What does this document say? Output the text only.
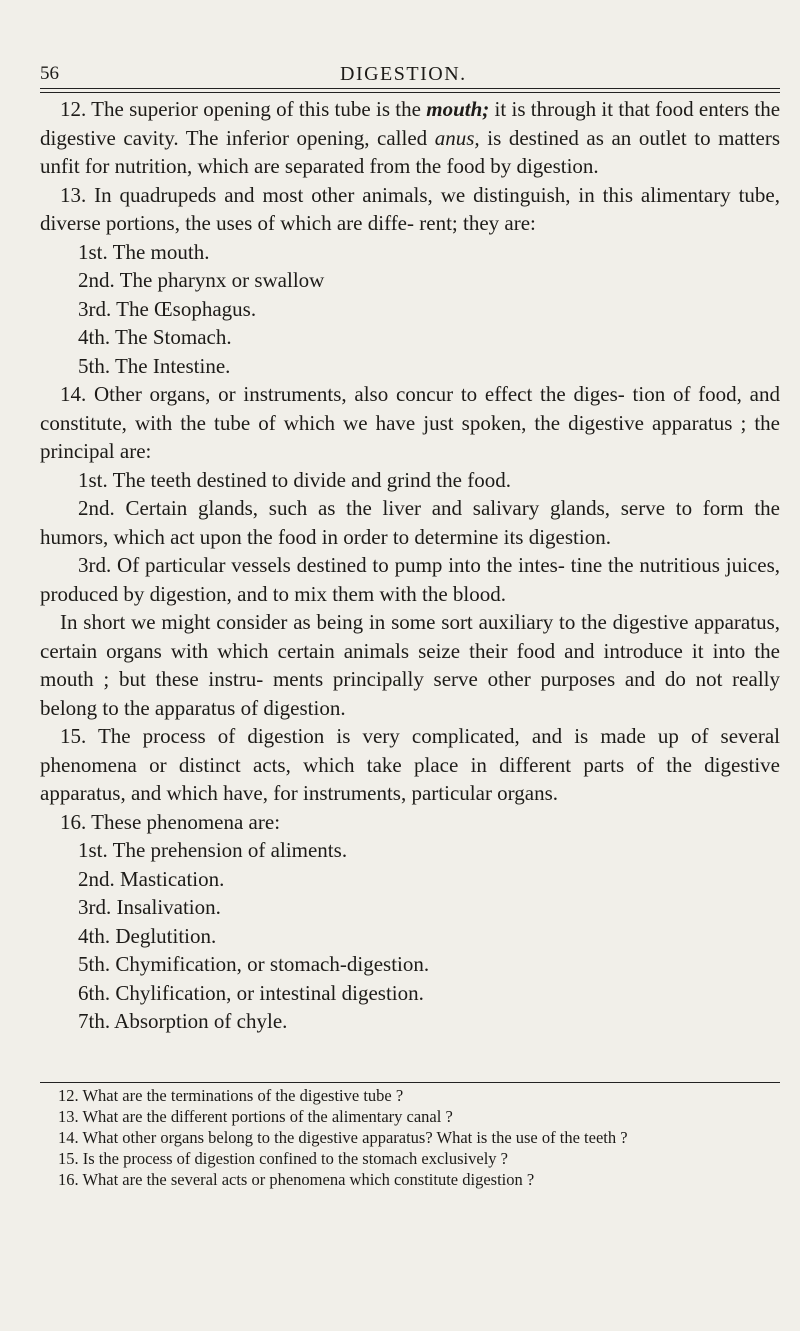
56	DIGESTION.

12. The superior opening of this tube is the mouth; it is through it that food enters the digestive cavity. The inferior opening, called anus, is destined as an outlet to matters unfit for nutrition, which are separated from the food by digestion.

13. In quadrupeds and most other animals, we distinguish, in this alimentary tube, diverse portions, the uses of which are diffe- rent; they are:

1st. The mouth.
2nd. The pharynx or swallow
3rd. The Œsophagus.
4th. The Stomach.
5th. The Intestine.

14. Other organs, or instruments, also concur to effect the diges- tion of food, and constitute, with the tube of which we have just spoken, the digestive apparatus ; the principal are:

1st. The teeth destined to divide and grind the food.

2nd. Certain glands, such as the liver and salivary glands, serve to form the humors, which act upon the food in order to determine its digestion.

3rd. Of particular vessels destined to pump into the intes- tine the nutritious juices, produced by digestion, and to mix them with the blood.

In short we might consider as being in some sort auxiliary to the digestive apparatus, certain organs with which certain animals seize their food and introduce it into the mouth ; but these instru- ments principally serve other purposes and do not really belong to the apparatus of digestion.

15. The process of digestion is very complicated, and is made up of several phenomena or distinct acts, which take place in different parts of the digestive apparatus, and which have, for instruments, particular organs.

16. These phenomena are:

1st. The prehension of aliments.
2nd. Mastication.
3rd. Insalivation.
4th. Deglutition.
5th. Chymification, or stomach-digestion.
6th. Chylification, or intestinal digestion.
7th. Absorption of chyle.

12. What are the terminations of the digestive tube ?

13. What are the different portions of the alimentary canal ?

14. What other organs belong to the digestive apparatus? What is the use of the teeth ?

15. Is the process of digestion confined to the stomach exclusively ?

16. What are the several acts or phenomena which constitute digestion ?
